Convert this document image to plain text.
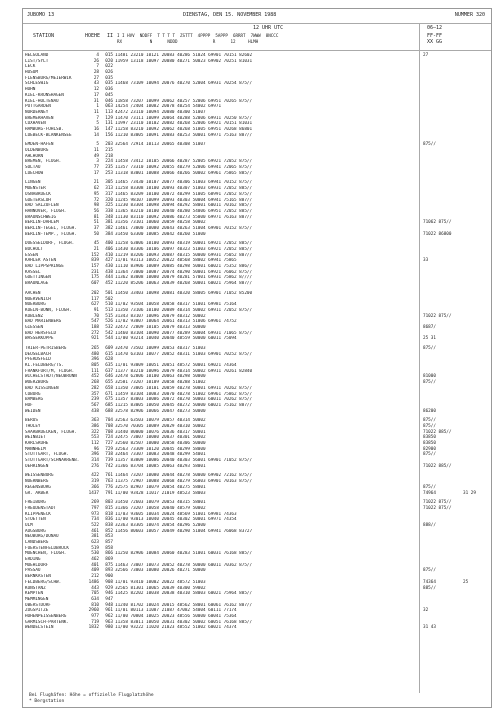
JUBOMO 13	DIENSTAG, DEN 15. NOVEMBER 1988	NUMMER 320
STATION	HOEHE II
12 UHR UTC
I I HVV  NDDFF  T T T T  ZSTTT  4PPPP  5APPP  6RRRT  7WWW  8NCCC
RX           N      NDDD              R      12     HLMH
06–12
FF-FF
XX GG
HELGOLAND	4	015 11481 23210 10121 20083 40286 51024 69901 70151 82602	27
LIST/SYLT	26	020 11959 13118 10097 20080 40271 50023 69902 70251 81031
LECK	7	022
HUSUM	28	026
FLENSBURG/MEIERWIK	27	035
SCHLESWIG	43	035 11468 73109 10094 20076 40270 52004 69931 70254 875//
HOHN	12	036
KIEL-KRONSHAGEN	17	045
KIEL-HOLTENAU	31	046 11858 73207 10099 20062 40257 52006 69951 70265 875//
PUTTGARDEN	1	063 14254 /2404 10082 20078 40254 54002 69971
NORDERNEY	11	113 42472 23110 10094 20080 40300 51007
BREMERHAVEN	7	129 11470 73111 10099 20064 40288 52006 69911 70250 875//
CUXHAVEN	5	131 11997 23110 10102 20082 40268 52006 69921 70151 81031
HAMBURG-FUHLSB.	16	147 11258 83210 10092 20062 40268 51005 69951 70268 86801
LUEBECK-BLANKENSEE	14	156 11210 83005 10091 20083 40253 50001 69971 75163 887//
EMDEN-HAFEN	5	203 32564 72914 10113 20065 40308 51007	875//
OLDENBURG	11	215
AHLHORN	49	218
BREMEN, FLUGH.	3	224 11458 73412 10105 20066 40287 52005 69921 72052 875//
SOLTAU	77	235 11357 73310 10092 20055 40279 52006 69941 72065 875//
LUECHOW	17	253 11318 83001 10088 20066 40266 50002 69961 75865 885//
LINGEN	21	305 11465 73430 10107 20077 40306 51003 69941 70152 875//
MUENSTER	62	313 11258 83308 10100 20093 40307 51003 69931 72052 885//
OSNABRUECK	95	317 11465 83209 10100 20072 40299 51005 68991 72052 875//
GUETERSLOH	72	320 11245 98107 10099 20093 40303 50004 69941 75165 887//
BAD SALZUFLEN	98	325 11230 83304 10098 20094 40292 58001 60011 70162 885//
HANNOVER, FLUGH.	56	338 11365 83210 10100 20040 40280 54006 69951 72052 885//
BRAUNSCHWEIG	81	348 11130 83110 10092 20086 40273 55000 69971 76163 887//
BERLIN-DAHLEM	51	381 31356 73101 10060 20059 40258 50002	71062 875//
BERLIN-TEGEL, FLUGH.	37	382 11461 73000 10080 20043 40263 51004 69901 70152 875//
BERLIN-TEMP., FLUGH.	50	384 31450 63300 10085 20042 40260 51000	71022 86800
DUESSELDORF, FLUGH.	45	400 11258 63006 10100 20093 40319 50001 69921 72052 885//
BOCHOLT	21	406 11430 83306 10106 20097 40323 51003 69921 72052 885//
ESSEN	152	410 11219 83206 10093 20087 40315 50000 69931 75052 887//
KAHLER ASTEN	839	427 11/01 93113 10052 20022 40568 58002 69941 75865	33
BAD LIPPSPRINGE	157	430 11110 83906 10089 20085 40298 50001 60021 75352 886//
KASSEL	231	438 11364 73000 10087 20074 40290 50001 69921 76062 875//
GOETTINGEN	175	444 11362 83008 10080 20079 40281 57001 69931 75862 8////
BRAUNLAGE	607	452 11220 85206 10063 20039 40268 50001 60021 75964 887//
AACHEN	202	501 11450 33403 10098 20081 40320 58005 69901 71052 85200
NOERVENICH	117	502
NUERBURG	627	510 11/02 93504 10058 20058 40317 51001 69981 75164
KOELN-BONN, FLUGH.	91	513 11350 73106 10100 20089 40314 50002 69911 72052 875//
KOBLENZ	70	515 31343 83107 10096 20079 40312 50002	71022 875//
BAD MARIENBERG	547	526 11/02 93807 10064 20061 40313 51006 69961 74752
GIESSEN	188	532 32472 72809 10105 20079 40313 50000	8687/
BAD HERSFELD	272	542 11460 83104 10090 20077 40289 50004 69931 71065 875//
WASSERKUPPE	921	544 11/00 93214 10040 20040 48559 50000 60011 75094	25 31
TRIER-PETRISBERG	265	609 32470 73502 10099 20053 40317 51003	875//
DEUSELBACH	480	615 11470 63103 10077 20052 40311 51003 69901 70252 875//
PFERDSFELD	396	628
KL.FELDBERG/TS.	805	635 11/01 93009 10051 20051 48572 50001 69021 74364
FRANKFURT/M, FLUGH.	111	637 11377 83210 10096 20079 40314 50002 69911 70261 82840
WICHELSTADT/NEUBRUNN	452	646 32478 62806 10100 20063 40298 50000	81000
WUERZBURG	268	655 32581 73207 10109 20058 40288 51002	875//
BAD KISSINGEN	282	658 11350 73005 10101 20059 40278 50001 69911 70262 875//
COBURG	357	671 11459 83104 10083 20070 40278 51002 69961 75862 875//
BAMBERG	239	675 11357 83003 10086 20072 40270 50003 60011 70262 875//
HOF	567	685 11215 83005 10050 20045 40272 50000 60021 75162 887//
WEIDEN	438	688 32578 82906 10066 20047 40273 50000	86200
BERUS	363	704 32563 63503 10079 20057 40314 50002	875//
THOLEY	386	708 32570 70305 10089 20029 40310 50002	875//
SAARBRUECKEN, FLUGH.	322	708 31440 80000 10076 20036 40317 50001	71022 885//
WEINBIET	553	724 32475 73007 10080 20037 40301 50002	83850
KARLSRUHE	112	727 32560 82507 10000 20058 40306 50000	83850
MANNHEIM	96	729 32563 73309 10120 20045 40299 58000	82900
STUTTGART, FLUGH.	396	738 32464 73307 10083 20048 40299 54001	875//
STUTTGART/SCHNARRENB.	314	739 11357 83809 10086 20040 40303 56001 69901 71052 875//
OEHRINGEN	276	742 31366 83704 10085 20063 40293 58001	71022 885//
WEISSENBURG	422	761 11464 73207 10080 20044 40278 50000 69902 72162 875//
NUERNBERG	319	763 11375 72907 10088 20068 40279 56003 69901 70163 875//
REGENSBURG	366	776 32575 82907 10079 20054 40275 58001	875//
GR. ARBER	1437	791 11/00 93428 11017 21019 48523 58003	74964	31 29
FREIBURG	269	803 31450 72603 10079 20053 40315 58001	71022 875//
FREUDENSTADT	797	815 31366 73207 10058 20040 48579 50002	71022 875//
KLIPPENECK	973	818 11/03 93605 10034 20024 48569 51001 69981 74363
STOETTEN	734	836 11/00 93013 10040 20045 40302 50001 69971 74354
ULM	522	838 32363 83305 10074 20054 40296 52000	888//
AUGSBURG	461	852 11456 80603 10057 20049 40290 51004 69941 76068 83727
NEUBURG/DONAU	381	853
LANDSBERG	623	857
FUERSTENFELDBRUCK	519	858
MUENCHEN, FLUGH.	530	866 11250 82906 10084 20060 40283 51001 60031 76168 885//
ERDING	462	869
MUEHLDORF	401	875 11463 73007 10073 20052 40278 50000 60011 70362 875//
PASSAU	409	893 32566 73003 10080 20026 40271 50000	875//
BERNKASTEN	212	900
FELDBERG/SCHW.	1486	908 11/01 93410 10002 20022 48572 51003	74364	25
KONSTANZ	443	929 32565 81301 10065 20039 40300 59002	885//
KEMPTEN	705	946 11425 82202 10038 20038 40310 58003 60021 75964 885//
MEMMINGEN	634	947
OBERSTDORF	810	948 11240 81702 10024 20015 48562 58001 60061 76162 887//
ZUGSPITZE	2960	961 11/01 80113 11087 21087 47082 54004 60111 77174	32
HOHENPEISSENBERG	977	962 11/00 70804 10025 20023 48556 50000 60041 75364
GARMISCH-PARTENK.	719	963 11358 83011 10050 20031 40302 50002 60051 76168 885//
WENDELSTEIN	1832	980 11/00 93222 11020 21023 48552 51002 60021 74374	31 43
Bei Flughäfen: Höhe = offizielle Flugplatzhöhe
* Bergstation
